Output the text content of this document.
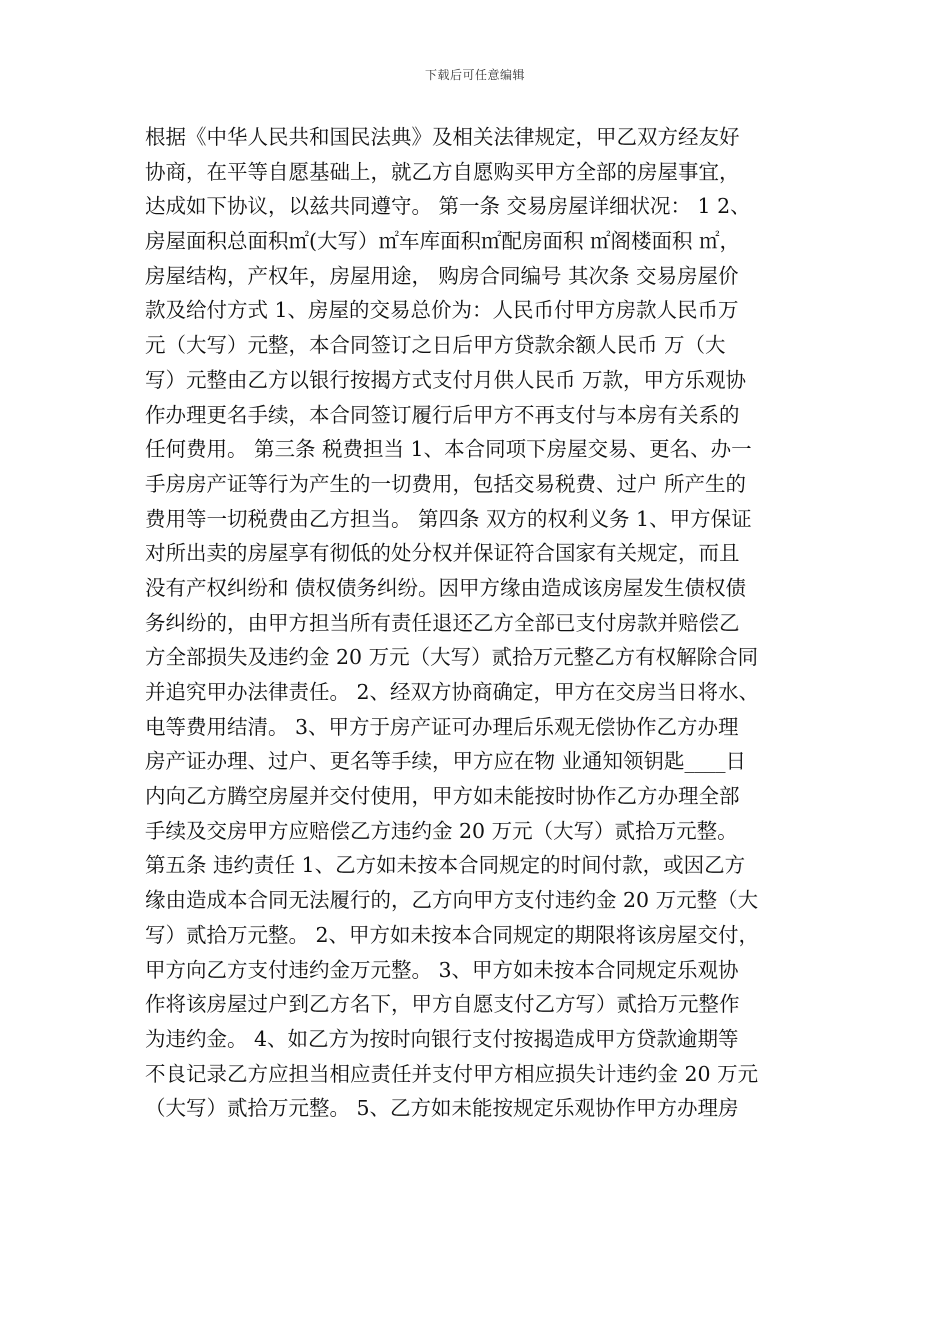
下载后可任意编辑
根据《中华人民共和国民法典》及相关法律规定，甲乙双方经友好
协商，在平等自愿基础上，就乙方自愿购买甲方全部的房屋事宜，
达成如下协议，以兹共同遵守。 第一条 交易房屋详细状况： 1 2、
房屋面积总面积㎡(大写）㎡车库面积㎡配房面积 ㎡阁楼面积 ㎡，
房屋结构，产权年，房屋用途， 购房合同编号 其次条 交易房屋价
款及给付方式 1、房屋的交易总价为：人民币付甲方房款人民币万
元（大写）元整，本合同签订之日后甲方贷款余额人民币 万（大
写）元整由乙方以银行按揭方式支付月供人民币 万款，甲方乐观协
作办理更名手续，本合同签订履行后甲方不再支付与本房有关系的
任何费用。 第三条 税费担当 1、本合同项下房屋交易、更名、办一
手房房产证等行为产生的一切费用，包括交易税费、过户 所产生的
费用等一切税费由乙方担当。 第四条 双方的权利义务 1、甲方保证
对所出卖的房屋享有彻低的处分权并保证符合国家有关规定，而且
没有产权纠纷和 债权债务纠纷。因甲方缘由造成该房屋发生债权债
务纠纷的，由甲方担当所有责任退还乙方全部已支付房款并赔偿乙
方全部损失及违约金 20 万元（大写）贰拾万元整乙方有权解除合同
并追究甲办法律责任。 2、经双方协商确定，甲方在交房当日将水、
电等费用结清。 3、甲方于房产证可办理后乐观无偿协作乙方办理
房产证办理、过户、更名等手续，甲方应在物 业通知领钥匙____日
内向乙方腾空房屋并交付使用，甲方如未能按时协作乙方办理全部
手续及交房甲方应赔偿乙方违约金 20 万元（大写）贰拾万元整。
第五条 违约责任 1、乙方如未按本合同规定的时间付款，或因乙方
缘由造成本合同无法履行的，乙方向甲方支付违约金 20 万元整（大
写）贰拾万元整。 2、甲方如未按本合同规定的期限将该房屋交付，
甲方向乙方支付违约金万元整。 3、甲方如未按本合同规定乐观协
作将该房屋过户到乙方名下，甲方自愿支付乙方写）贰拾万元整作
为违约金。 4、如乙方为按时向银行支付按揭造成甲方贷款逾期等
不良记录乙方应担当相应责任并支付甲方相应损失计违约金 20 万元
（大写）贰拾万元整。 5、乙方如未能按规定乐观协作甲方办理房
